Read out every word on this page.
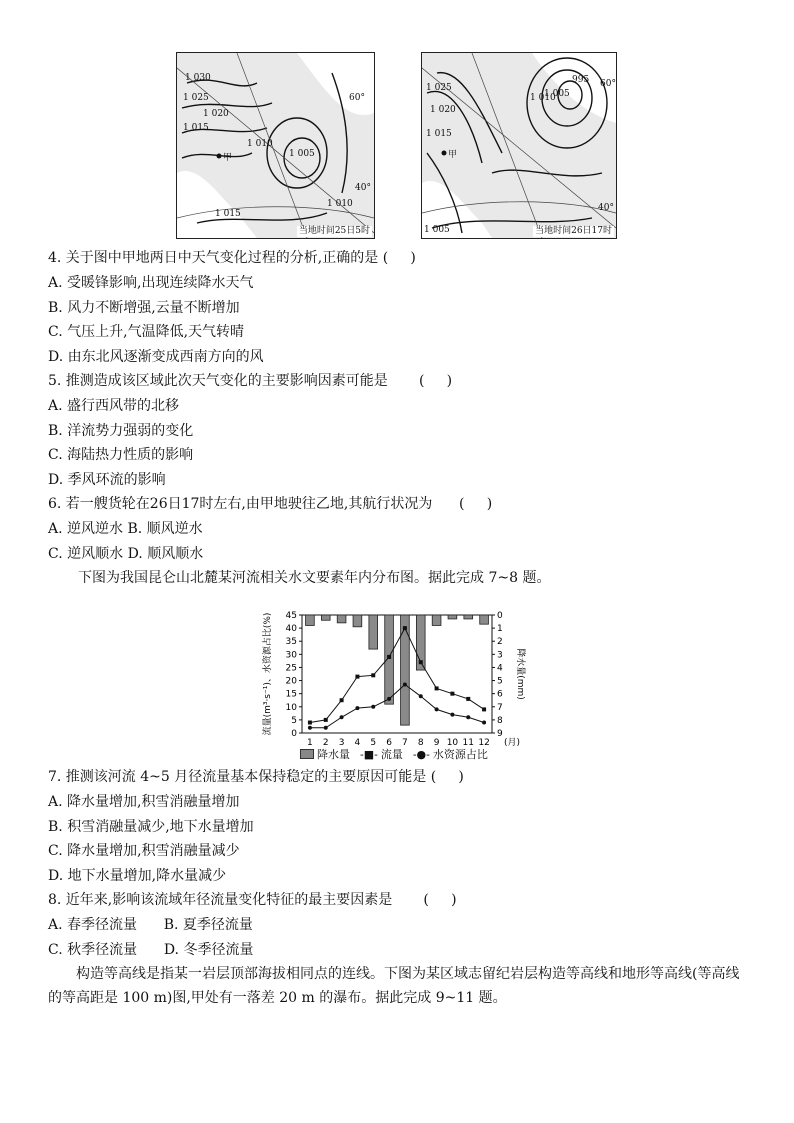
1 030
1 025
1 020
1 015
1 010
1 005
1 010
1 015
甲
60°
40°
当地时间25日5时
1 025
1 020
1 015
1 010
1 005
995
1 005
甲
60°
40°
当地时间26日17时
4. 关于图中甲地两日中天气变化过程的分析,正确的是 (     )
A. 受暖锋影响,出现连续降水天气
B. 风力不断增强,云量不断增加
C. 气压上升,气温降低,天气转晴
D. 由东北风逐渐变成西南方向的风
5. 推测造成该区域此次天气变化的主要影响因素可能是       (     )
A. 盛行西风带的北移
B. 洋流势力强弱的变化
C. 海陆热力性质的影响
D. 季风环流的影响
6. 若一艘货轮在26日17时左右,由甲地驶往乙地,其航行状况为      (     )
A. 逆风逆水 B. 顺风逆水
C. 逆风顺水 D. 顺风顺水
下图为我国昆仑山北麓某河流相关水文要素年内分布图。据此完成 7~8 题。
0
5
10
15
20
25
30
35
40
45	0
1
2
3
4
5
6
7
8
9
1 2 3 4 5 6 7 8 9 10 11 12 (月)
流量(m³·s⁻¹)、水资源占比(%)	降水量(mm)
降水量 -■- 流量 -●- 水资源占比
7. 推测该河流 4~5 月径流量基本保持稳定的主要原因可能是 (     )
A. 降水量增加,积雪消融量增加
B. 积雪消融量减少,地下水量增加
C. 降水量增加,积雪消融量减少
D. 地下水量增加,降水量减少
8. 近年来,影响该流域年径流量变化特征的最主要因素是       (     )
A. 春季径流量      B. 夏季径流量
C. 秋季径流量      D. 冬季径流量
构造等高线是指某一岩层顶部海拔相同点的连线。下图为某区域志留纪岩层构造等高线和地形等高线(等高线的等高距是 100 m)图,甲处有一落差 20 m 的瀑布。据此完成 9~11 题。
